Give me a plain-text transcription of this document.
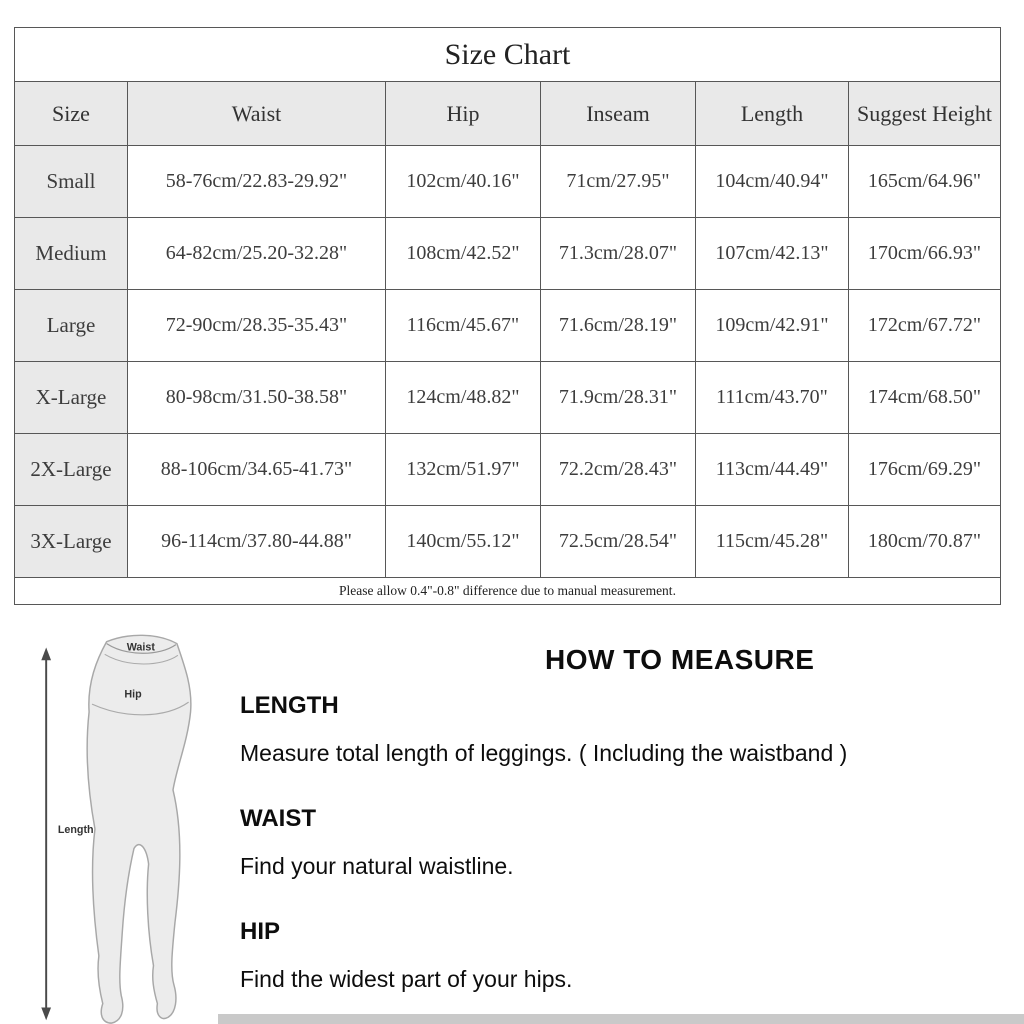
Size Chart					
Size	Waist	Hip	Inseam	Length	Suggest Height
Small	58-76cm/22.83-29.92"	102cm/40.16"	71cm/27.95"	104cm/40.94"	165cm/64.96"
Medium	64-82cm/25.20-32.28"	108cm/42.52"	71.3cm/28.07"	107cm/42.13"	170cm/66.93"
Large	72-90cm/28.35-35.43"	116cm/45.67"	71.6cm/28.19"	109cm/42.91"	172cm/67.72"
X-Large	80-98cm/31.50-38.58"	124cm/48.82"	71.9cm/28.31"	111cm/43.70"	174cm/68.50"
2X-Large	88-106cm/34.65-41.73"	132cm/51.97"	72.2cm/28.43"	113cm/44.49"	176cm/69.29"
3X-Large	96-114cm/37.80-44.88"	140cm/55.12"	72.5cm/28.54"	115cm/45.28"	180cm/70.87"
Please allow 0.4"-0.8" difference due to manual measurement.					
Waist
Hip
Length
HOW TO MEASURE
LENGTH
Measure total length of leggings. ( Including the waistband )
WAIST
Find your natural waistline.
HIP
Find the widest part of your hips.
